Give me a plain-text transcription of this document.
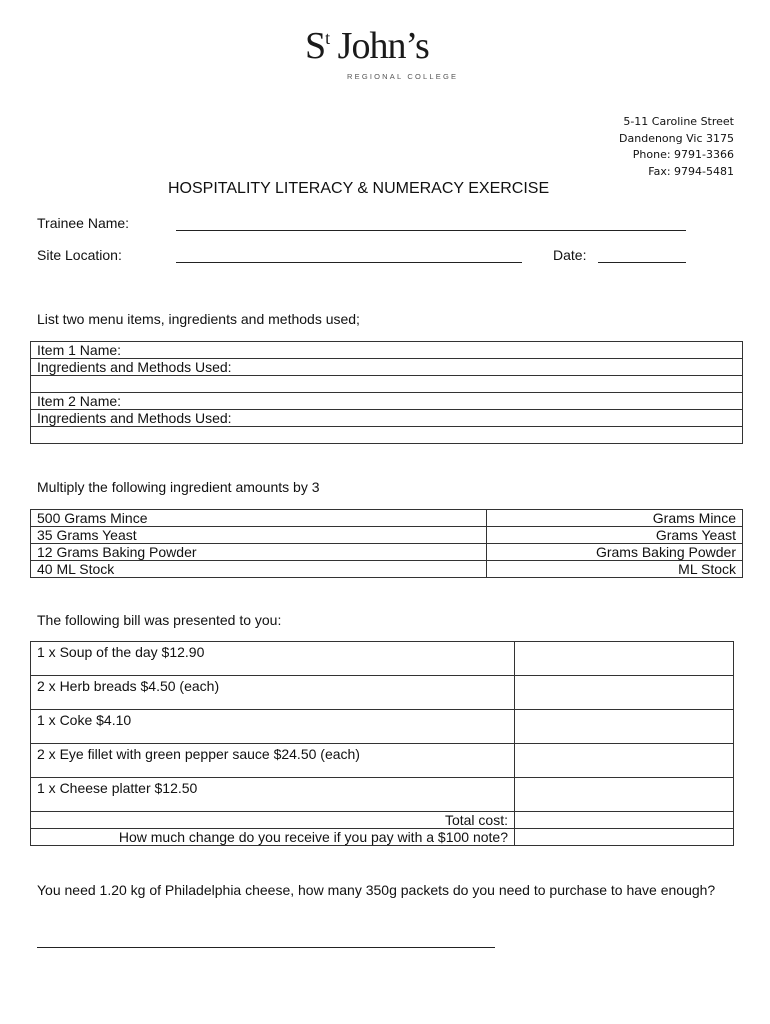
$S^t$ John’s
REGIONAL COLLEGE
5-11 Caroline Street
Dandenong Vic 3175
Phone: 9791-3366
Fax: 9794-5481
HOSPITALITY LITERACY & NUMERACY EXERCISE
Trainee Name:
Site Location:	Date:
List two menu items, ingredients and methods used;
Item 1 Name:
Ingredients and Methods Used:

Item 2 Name:
Ingredients and Methods Used:

Multiply the following ingredient amounts by 3
500 Grams Mince	Grams Mince
35 Grams Yeast	Grams Yeast
12 Grams Baking Powder	Grams Baking Powder
40 ML Stock	ML Stock
The following bill was presented to you:
1 x Soup of the day $12.90	
2 x Herb breads $4.50 (each)	
1 x Coke $4.10	
2 x Eye fillet with green pepper sauce $24.50 (each)	
1 x Cheese platter $12.50	
Total cost:	
How much change do you receive if you pay with a $100 note?	
You need 1.20 kg of Philadelphia cheese, how many 350g packets do you need to purchase to have enough?
